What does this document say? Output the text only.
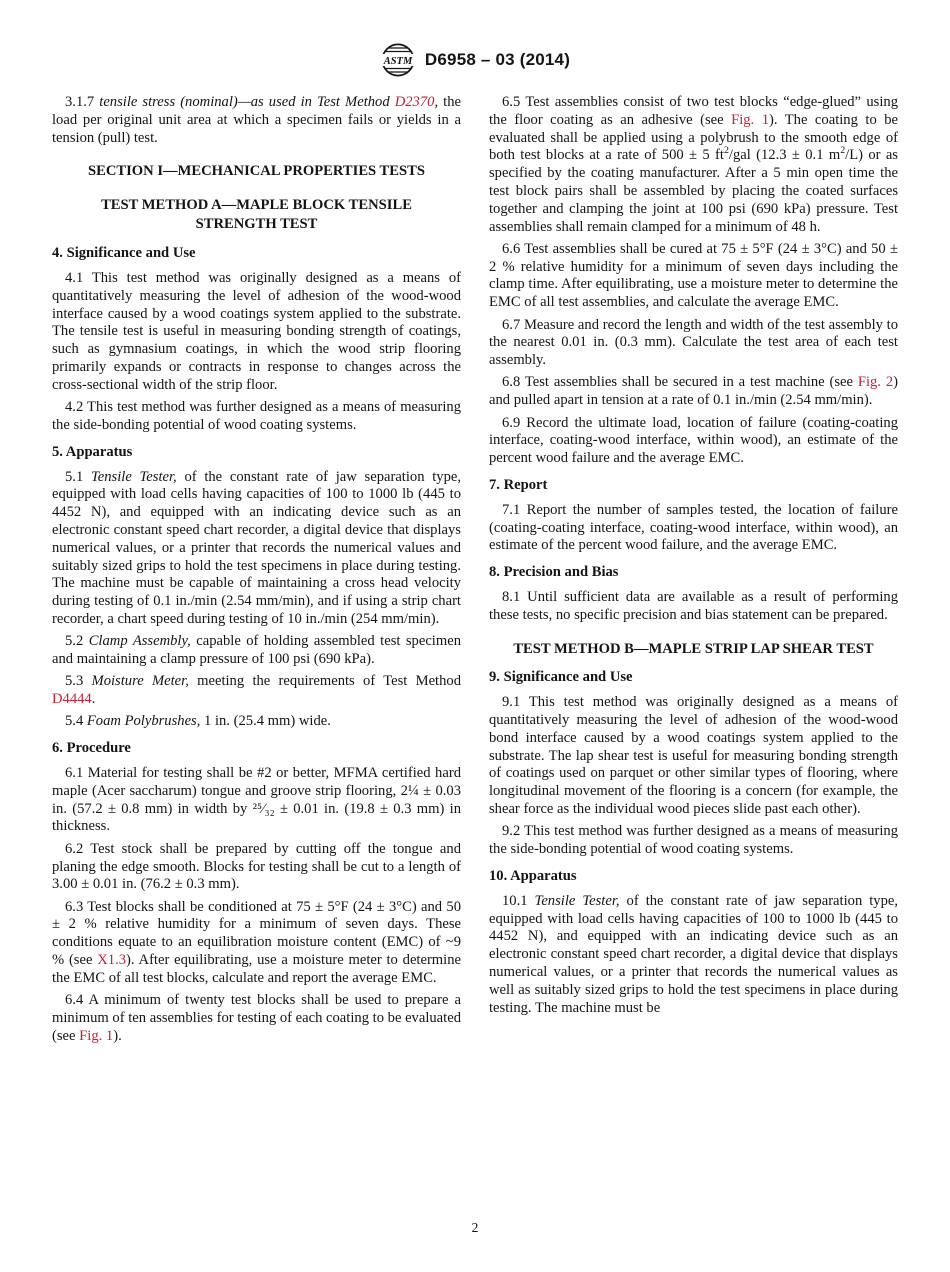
ASTM D6958 – 03 (2014)

3.1.7 tensile stress (nominal)—as used in Test Method D2370, the load per original unit area at which a specimen fails or yields in a tension (pull) test.

SECTION I—MECHANICAL PROPERTIES TESTS
TEST METHOD A—MAPLE BLOCK TENSILE STRENGTH TEST
4. Significance and Use

4.1 This test method was originally designed as a means of quantitatively measuring the level of adhesion of the wood-wood interface caused by a wood coatings system applied to the substrate. The tensile test is useful in measuring bonding strength of coatings, such as gymnasium coatings, in which the wood strip flooring primarily expands or contracts in response to changes across the cross-sectional width of the strip floor.

4.2 This test method was further designed as a means of measuring the side-bonding potential of wood coating systems.

5. Apparatus

5.1 Tensile Tester, of the constant rate of jaw separation type, equipped with load cells having capacities of 100 to 1000 lb (445 to 4452 N), and equipped with an indicating device such as an electronic constant speed chart recorder, a digital device that displays numerical values, or a printer that records the numerical values and suitably sized grips to hold the test specimens in place during testing. The machine must be capable of maintaining a cross head velocity during testing of 0.1 in./min (2.54 mm/min), and if using a strip chart recorder, a chart speed during testing of 10 in./min (254 mm/min).

5.2 Clamp Assembly, capable of holding assembled test specimen and maintaining a clamp pressure of 100 psi (690 kPa).

5.3 Moisture Meter, meeting the requirements of Test Method D4444.

5.4 Foam Polybrushes, 1 in. (25.4 mm) wide.

6. Procedure

6.1 Material for testing shall be #2 or better, MFMA certified hard maple (Acer saccharum) tongue and groove strip flooring, 2¼ ± 0.03 in. (57.2 ± 0.8 mm) in width by ²⁵⁄₃₂ ± 0.01 in. (19.8 ± 0.3 mm) in thickness.

6.2 Test stock shall be prepared by cutting off the tongue and planing the edge smooth. Blocks for testing shall be cut to a length of 3.00 ± 0.01 in. (76.2 ± 0.3 mm).

6.3 Test blocks shall be conditioned at 75 ± 5°F (24 ± 3°C) and 50 ± 2 % relative humidity for a minimum of seven days. These conditions equate to an equilibration moisture content (EMC) of ~9 % (see X1.3). After equilibrating, use a moisture meter to determine the EMC of all test blocks, calculate and report the average EMC.

6.4 A minimum of twenty test blocks shall be used to prepare a minimum of ten assemblies for testing of each coating to be evaluated (see Fig. 1).

6.5 Test assemblies consist of two test blocks “edge-glued” using the floor coating as an adhesive (see Fig. 1). The coating to be evaluated shall be applied using a polybrush to the smooth edge of both test blocks at a rate of 500 ± 5 $ft^2$/gal (12.3 ± 0.1 $m^2/L$) or as specified by the coating manufacturer. After a 5 min open time the test block pairs shall be assembled by placing the coated surfaces together and clamping the joint at 100 psi (690 kPa) pressure. Test assemblies shall remain clamped for a minimum of 48 h.

6.6 Test assemblies shall be cured at 75 ± 5°F (24 ± 3°C) and 50 ± 2 % relative humidity for a minimum of seven days including the clamp time. After equilibrating, use a moisture meter to determine the EMC of all test assemblies, and calculate the average EMC.

6.7 Measure and record the length and width of the test assembly to the nearest 0.01 in. (0.3 mm). Calculate the test area of each test assembly.

6.8 Test assemblies shall be secured in a test machine (see Fig. 2) and pulled apart in tension at a rate of 0.1 in./min (2.54 mm/min).

6.9 Record the ultimate load, location of failure (coating-coating interface, coating-wood interface, within wood), an estimate of the percent wood failure and the average EMC.

7. Report

7.1 Report the number of samples tested, the location of failure (coating-coating interface, coating-wood interface, within wood), an estimate of the percent wood failure, and the average EMC.

8. Precision and Bias

8.1 Until sufficient data are available as a result of performing these tests, no specific precision and bias statement can be prepared.

TEST METHOD B—MAPLE STRIP LAP SHEAR TEST
9. Significance and Use

9.1 This test method was originally designed as a means of quantitatively measuring the level of adhesion of the wood-wood bond interface caused by a wood coatings system applied to the substrate. The lap shear test is useful for measuring bonding strength of coatings used on parquet or other similar types of flooring, where longitudinal movement of the flooring is a concern (for example, the shear force as the individual wood pieces slide past each other).

9.2 This test method was further designed as a means of measuring the side-bonding potential of wood coating systems.

10. Apparatus

10.1 Tensile Tester, of the constant rate of jaw separation type, equipped with load cells having capacities of 100 to 1000 lb (445 to 4452 N), and equipped with an indicating device such as an electronic constant speed chart recorder, a digital device that displays numerical values, or a printer that records the numerical values as well as suitably sized grips to hold the test specimens in place during testing. The machine must be

2
